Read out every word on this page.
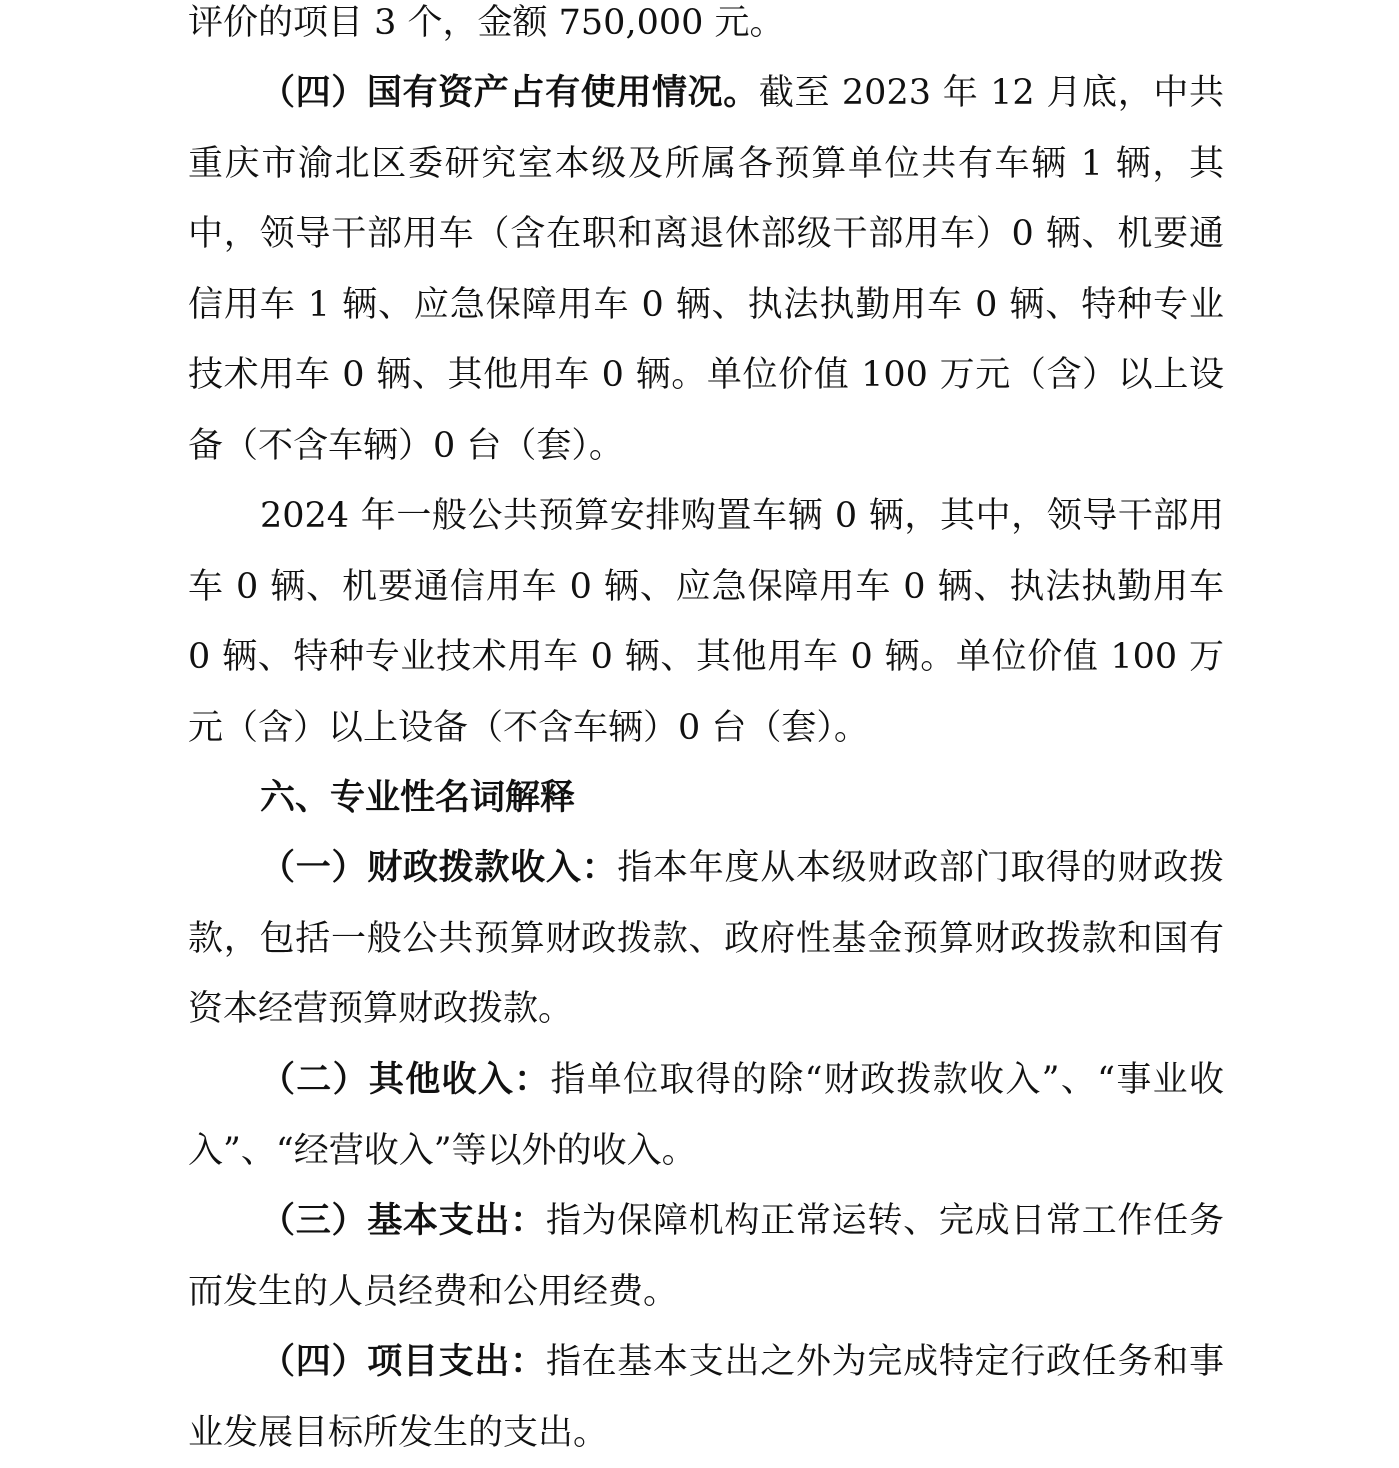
评价的项目 3 个，金额 750,000 元。

（四）国有资产占有使用情况。截至 2023 年 12 月底，中共重庆市渝北区委研究室本级及所属各预算单位共有车辆 1 辆，其中，领导干部用车（含在职和离退休部级干部用车）0 辆、机要通信用车 1 辆、应急保障用车 0 辆、执法执勤用车 0 辆、特种专业技术用车 0 辆、其他用车 0 辆。单位价值 100 万元（含）以上设备（不含车辆）0 台（套）。

2024 年一般公共预算安排购置车辆 0 辆，其中，领导干部用车 0 辆、机要通信用车 0 辆、应急保障用车 0 辆、执法执勤用车 0 辆、特种专业技术用车 0 辆、其他用车 0 辆。单位价值 100 万元（含）以上设备（不含车辆）0 台（套）。

六、专业性名词解释

（一）财政拨款收入：指本年度从本级财政部门取得的财政拨款，包括一般公共预算财政拨款、政府性基金预算财政拨款和国有资本经营预算财政拨款。

（二）其他收入：指单位取得的除“财政拨款收入”、“事业收入”、“经营收入”等以外的收入。

（三）基本支出：指为保障机构正常运转、完成日常工作任务而发生的人员经费和公用经费。

（四）项目支出：指在基本支出之外为完成特定行政任务和事业发展目标所发生的支出。
